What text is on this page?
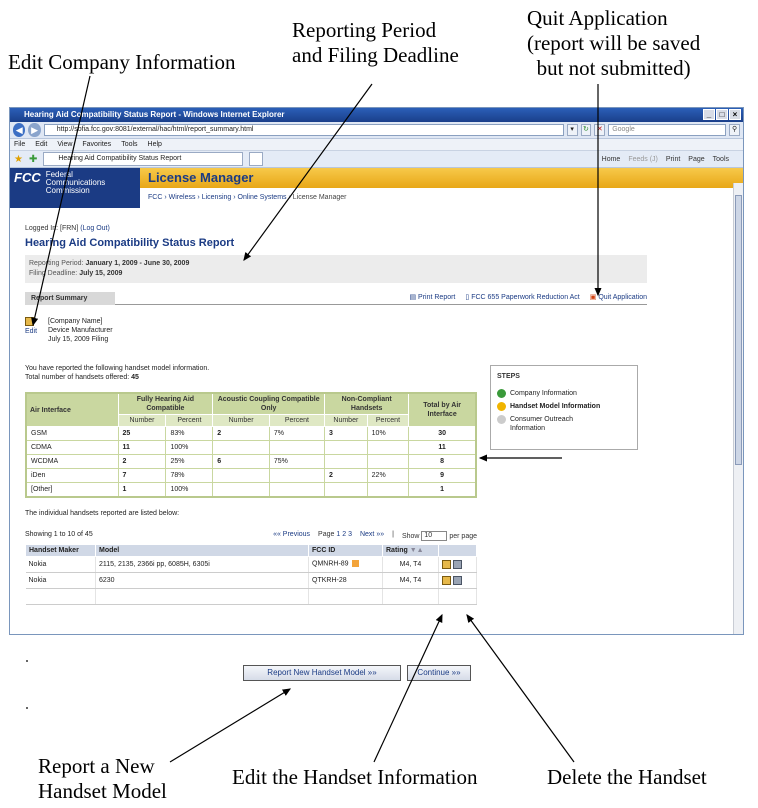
Edit Company Information
Reporting Period
and Filing Deadline
Quit Application
(report will be saved
but not submitted)
Report a New
Handset Model
Edit the Handset Information	Delete the Handset
Hearing Aid Compatibility Status Report - Windows Internet Explorer	_	□	×
◀ ▶	http://sofia.fcc.gov:8081/external/hac/html/report_summary.html	▾	↻	✕	Google	⚲
File Edit View Favorites Tools Help
★ ✚	Hearing Aid Compatibility Status Report	Home Feeds (J) Print Page Tools
FCC Federal
Communications
Commission
License Manager
FCC › Wireless › Licensing › Online Systems › License Manager
Logged In: [FRN] (Log Out)
Hearing Aid Compatibility Status Report
Reporting Period: January 1, 2009 - June 30, 2009
Filing Deadline: July 15, 2009
Report Summary	▤ Print Report ▯ FCC 655 Paperwork Reduction Act ▣ Quit Application
Edit
[Company Name]
Device Manufacturer
July 15, 2009 Filing
You have reported the following handset model information.
Total number of handsets offered: 45
Air Interface	Fully Hearing Aid Compatible		Acoustic Coupling Compatible Only		Non-Compliant Handsets		Total by Air Interface
	Number	Percent	Number	Percent	Number	Percent	
GSM	25	83%	2	7%	3	10%	30
CDMA	11	100%					11
WCDMA	2	25%	6	75%			8
iDen	7	78%			2	22%	9
[Other]	1	100%					1
The individual handsets reported are listed below:
Showing 1 to 10 of 45	«« Previous Page 1 2 3 Next »» | Show 10 per page
Handset Maker	Model	FCC ID	Rating ▼▲	
Nokia	2115, 2135, 2366i pp, 6085H, 6305i	QMNRH-89	M4, T4	
Nokia	6230	QTKRH-28	M4, T4	

STEPS
Company Information
Handset Model Information
Consumer Outreach Information
Report New Handset Model »»	Continue »»
